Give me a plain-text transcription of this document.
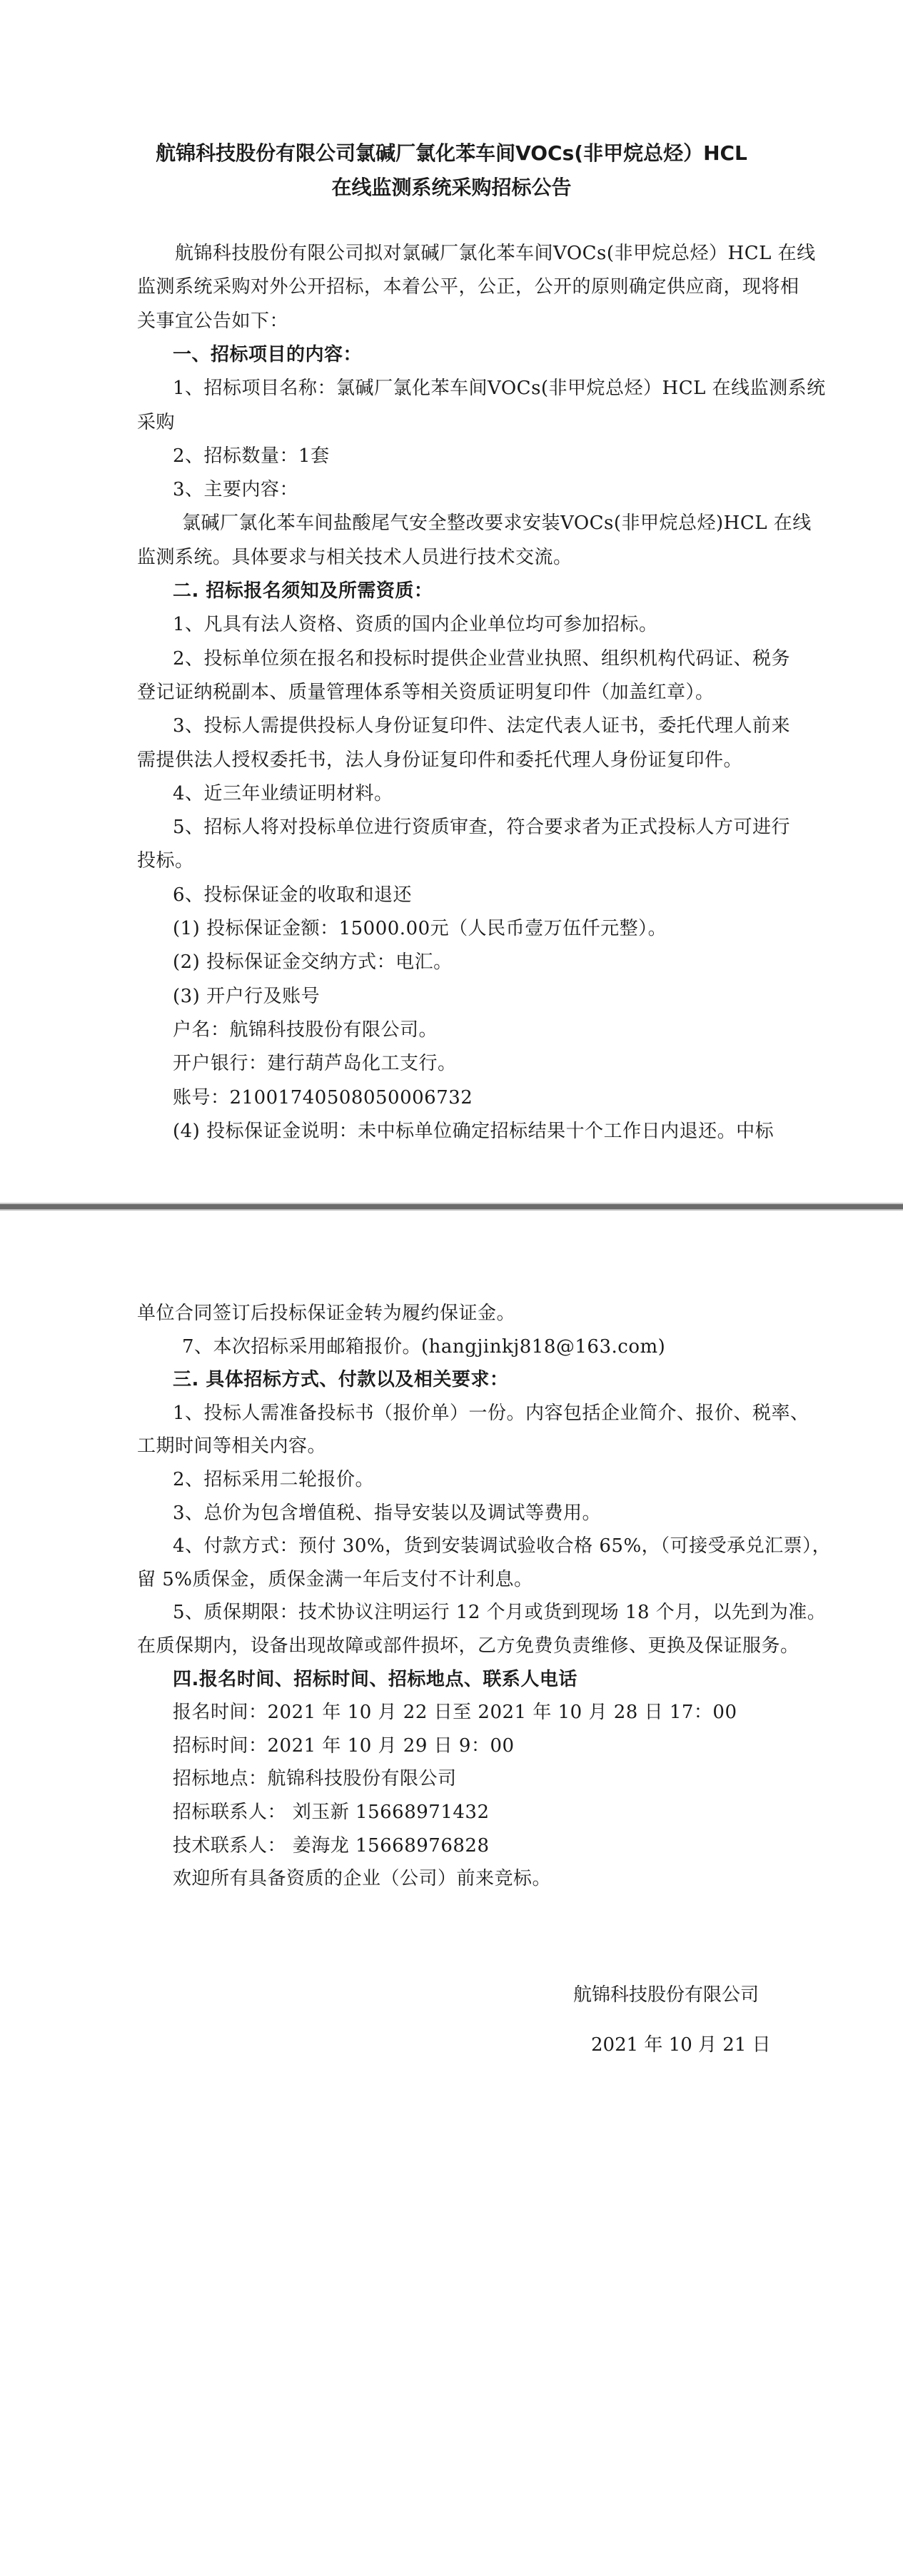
航锦科技股份有限公司氯碱厂氯化苯车间VOCs(非甲烷总烃）HCL
在线监测系统采购招标公告
航锦科技股份有限公司拟对氯碱厂氯化苯车间VOCs(非甲烷总烃）HCL 在线
监测系统采购对外公开招标，本着公平，公正，公开的原则确定供应商，现将相
关事宜公告如下：
一、招标项目的内容：
1、招标项目名称：氯碱厂氯化苯车间VOCs(非甲烷总烃）HCL 在线监测系统
采购
2、招标数量：1套
3、主要内容：
氯碱厂氯化苯车间盐酸尾气安全整改要求安装VOCs(非甲烷总烃)HCL 在线
监测系统。具体要求与相关技术人员进行技术交流。
二. 招标报名须知及所需资质：
1、凡具有法人资格、资质的国内企业单位均可参加招标。
2、投标单位须在报名和投标时提供企业营业执照、组织机构代码证、税务
登记证纳税副本、质量管理体系等相关资质证明复印件（加盖红章）。
3、投标人需提供投标人身份证复印件、法定代表人证书，委托代理人前来
需提供法人授权委托书，法人身份证复印件和委托代理人身份证复印件。
4、近三年业绩证明材料。
5、招标人将对投标单位进行资质审查，符合要求者为正式投标人方可进行
投标。
6、投标保证金的收取和退还
(1) 投标保证金额：15000.00元（人民币壹万伍仟元整）。
(2) 投标保证金交纳方式：电汇。
(3) 开户行及账号
户名：航锦科技股份有限公司。
开户银行：建行葫芦岛化工支行。
账号：21001740508050006732
(4) 投标保证金说明：未中标单位确定招标结果十个工作日内退还。中标
单位合同签订后投标保证金转为履约保证金。
7、本次招标采用邮箱报价。(hangjinkj818@163.com)
三. 具体招标方式、付款以及相关要求：
1、投标人需准备投标书（报价单）一份。内容包括企业简介、报价、税率、
工期时间等相关内容。
2、招标采用二轮报价。
3、总价为包含增值税、指导安装以及调试等费用。
4、付款方式：预付 30%，货到安装调试验收合格 65%，（可接受承兑汇票），
留 5%质保金，质保金满一年后支付不计利息。
5、质保期限：技术协议注明运行 12 个月或货到现场 18 个月，以先到为准。
在质保期内，设备出现故障或部件损坏，乙方免费负责维修、更换及保证服务。
四.报名时间、招标时间、招标地点、联系人电话
报名时间：2021 年 10 月 22 日至 2021 年 10 月 28 日 17：00
招标时间：2021 年 10 月 29 日 9：00
招标地点：航锦科技股份有限公司
招标联系人： 刘玉新 15668971432
技术联系人： 姜海龙 15668976828
欢迎所有具备资质的企业（公司）前来竞标。
航锦科技股份有限公司
2021 年 10 月 21 日
